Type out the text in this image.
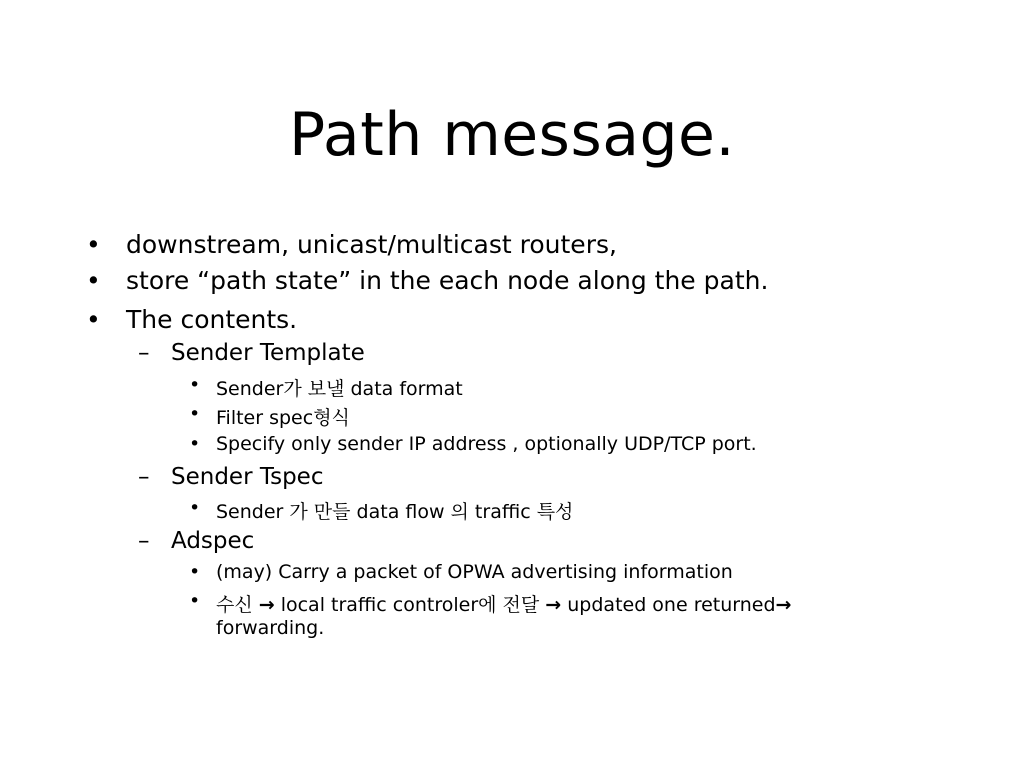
Path message.
• downstream, unicast/multicast routers,
• store “path state” in the each node along the path.
• The contents.
– Sender Template
• Sender가 보낼 data format
• Filter spec형식
• Specify only sender IP address , optionally UDP/TCP port.
– Sender Tspec
• Sender 가 만들 data flow 의 traffic 특성
– Adspec
• (may) Carry a packet of OPWA advertising information
• 수신 → local traffic controler에 전달 → updated one returned→
forwarding.
